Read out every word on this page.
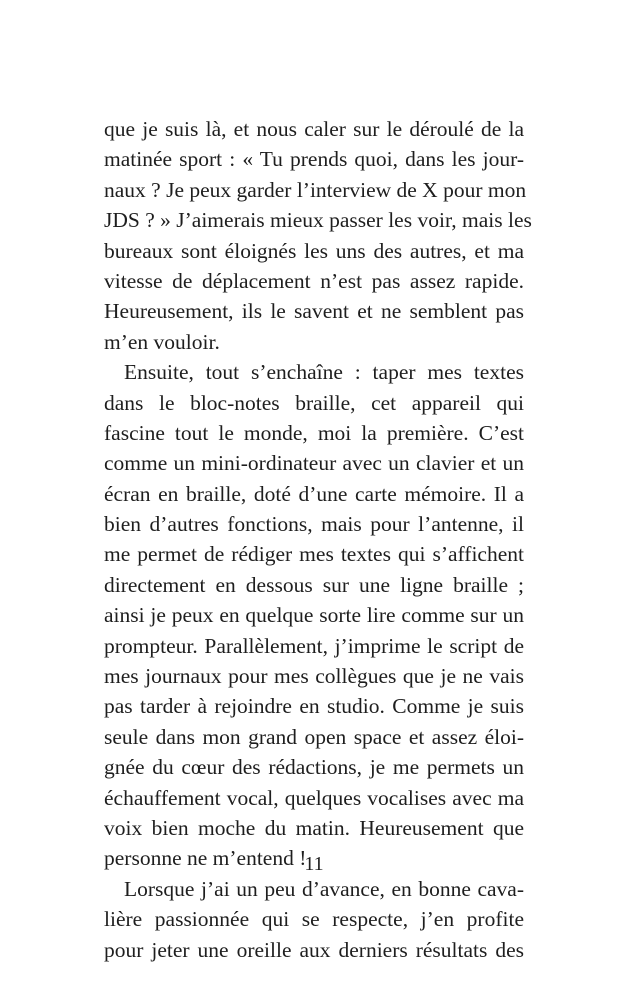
que je suis là, et nous caler sur le déroulé de la
matinée sport : « Tu prends quoi, dans les jour-
naux ? Je peux garder l’interview de X pour mon
JDS ? » J’aimerais mieux passer les voir, mais les
bureaux sont éloignés les uns des autres, et ma
vitesse de déplacement n’est pas assez rapide.
Heureusement, ils le savent et ne semblent pas
m’en vouloir.
Ensuite, tout s’enchaîne : taper mes textes
dans le bloc-notes braille, cet appareil qui
fascine tout le monde, moi la première. C’est
comme un mini-ordinateur avec un clavier et un
écran en braille, doté d’une carte mémoire. Il a
bien d’autres fonctions, mais pour l’antenne, il
me permet de rédiger mes textes qui s’affichent
directement en dessous sur une ligne braille ;
ainsi je peux en quelque sorte lire comme sur un
prompteur. Parallèlement, j’imprime le script de
mes journaux pour mes collègues que je ne vais
pas tarder à rejoindre en studio. Comme je suis
seule dans mon grand open space et assez éloi-
gnée du cœur des rédactions, je me permets un
échauffement vocal, quelques vocalises avec ma
voix bien moche du matin. Heureusement que
personne ne m’entend !
Lorsque j’ai un peu d’avance, en bonne cava-
lière passionnée qui se respecte, j’en profite
pour jeter une oreille aux derniers résultats des
11
